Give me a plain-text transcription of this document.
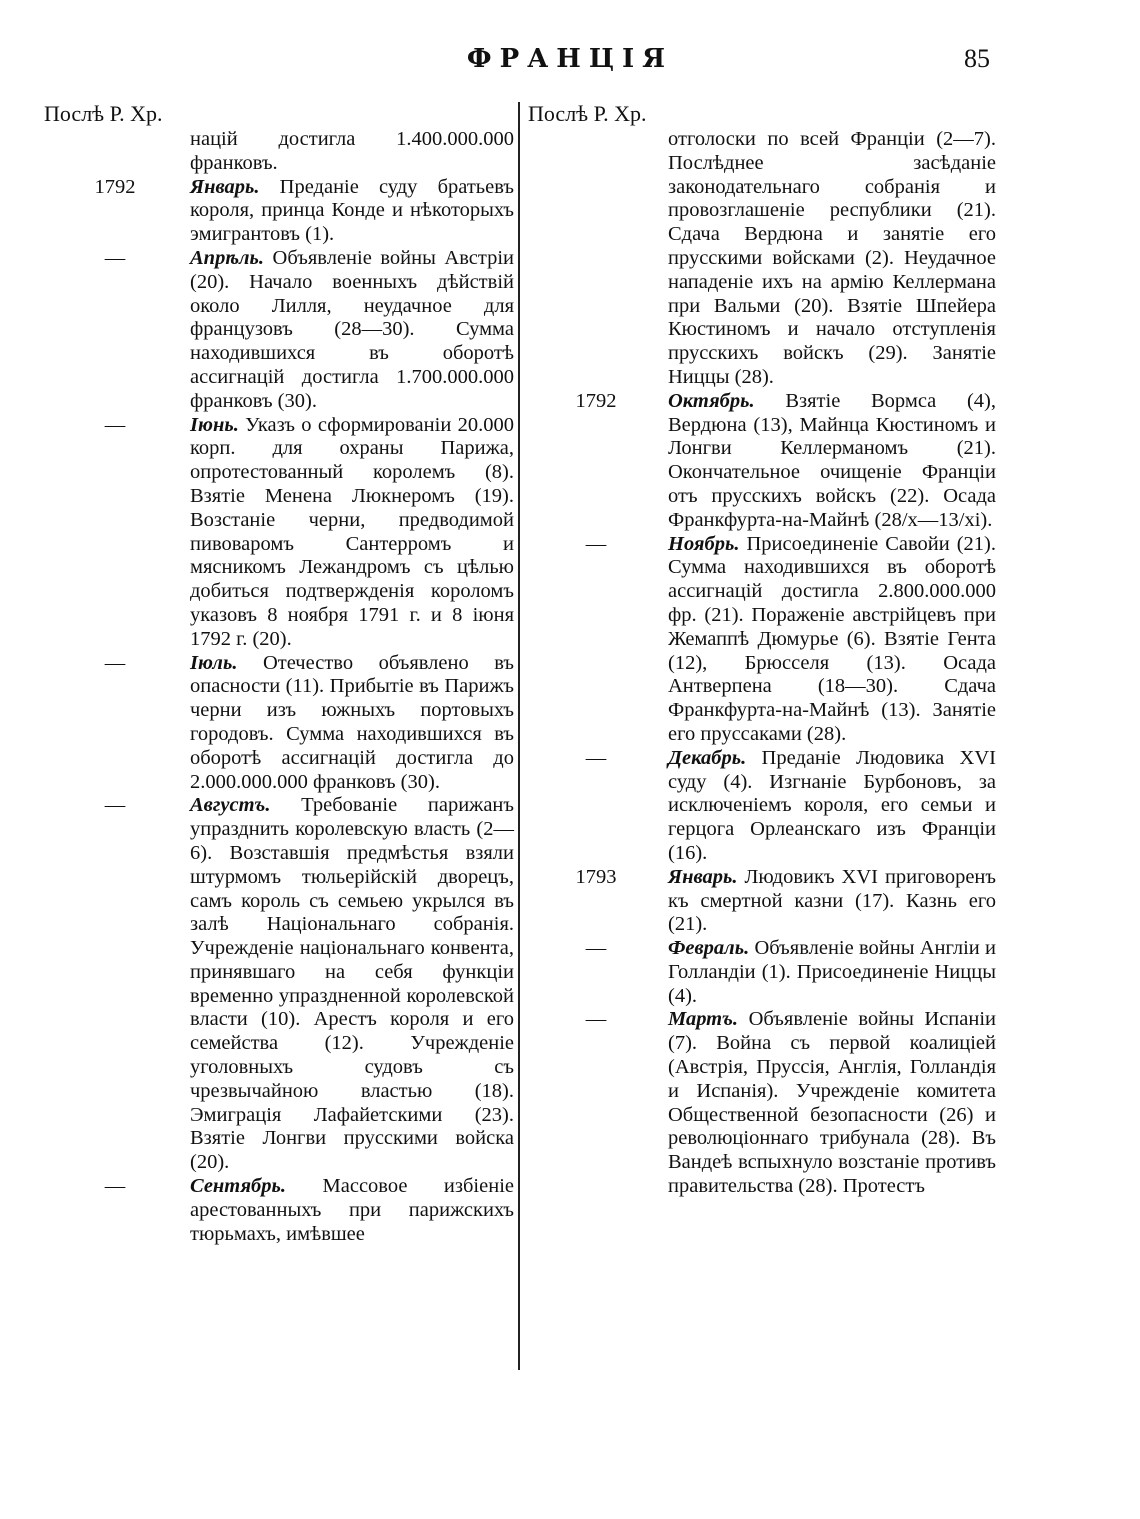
ФРАНЦІЯ	85
Послѣ Р. Хр.
націй достигла 1.400.000.000 франковъ.
1792	Январь. Преданіе суду братьевъ короля, принца Конде и нѣкоторыхъ эмигрантовъ (1).
—	Апрѣль. Объявленіе войны Австріи (20). Начало военныхъ дѣйствій около Лилля, неудачное для французовъ (28—30). Сумма находившихся въ оборотѣ ассигнацій достигла 1.700.000.000 франковъ (30).
—	Іюнь. Указъ о сформированіи 20.000 корп. для охраны Парижа, опротестованный королемъ (8). Взятіе Менена Люкнеромъ (19). Возстаніе черни, предводимой пивоваромъ Сантерромъ и мясникомъ Лежандромъ съ цѣлью добиться подтвержденія короломъ указовъ 8 ноября 1791 г. и 8 іюня 1792 г. (20).
—	Іюль. Отечество объявлено въ опасности (11). Прибытіе въ Парижъ черни изъ южныхъ портовыхъ городовъ. Сумма находившихся въ оборотѣ ассигнацій достигла до 2.000.000.000 франковъ (30).
—	Августъ. Требованіе парижанъ упразднить королевскую власть (2—6). Возставшія предмѣстья взяли штурмомъ тюльерійскій дворецъ, самъ король съ семьею укрылся въ залѣ Національнаго собранія. Учрежденіе національнаго конвента, принявшаго на себя функціи временно упраздненной королевской власти (10). Арестъ короля и его семейства (12). Учрежденіе уголовныхъ судовъ съ чрезвычайною властью (18). Эмиграція Лафайетскими (23). Взятіе Лонгви прусскими войска (20).
—	Сентябрь. Массовое избіеніе арестованныхъ при парижскихъ тюрьмахъ, имѣвшее
Послѣ Р. Хр.
отголоски по всей Франціи (2—7). Послѣднее засѣданіе законодательнаго собранія и провозглашеніе республики (21). Сдача Вердюна и занятіе его прусскими войсками (2). Неудачное нападеніе ихъ на армію Келлермана при Вальми (20). Взятіе Шпейера Кюстиномъ и начало отступленія прусскихъ войскъ (29). Занятіе Ниццы (28).
1792	Октябрь. Взятіе Вормса (4), Вердюна (13), Майнца Кюстиномъ и Лонгви Келлерманомъ (21). Окончательное очищеніе Франціи отъ прусскихъ войскъ (22). Осада Франкфурта-на-Майнѣ (28/х—13/хі).
—	Ноябрь. Присоединеніе Савойи (21). Сумма находившихся въ оборотѣ ассигнацій достигла 2.800.000.000 фр. (21). Пораженіе австрійцевъ при Жемаппѣ Дюмурье (6). Взятіе Гента (12), Брюсселя (13). Осада Антверпена (18—30). Сдача Франкфурта-на-Майнѣ (13). Занятіе его пруссаками (28).
—	Декабрь. Преданіе Людовика XVI суду (4). Изгнаніе Бурбоновъ, за исключеніемъ короля, его семьи и герцога Орлеанскаго изъ Франціи (16).
1793	Январь. Людовикъ XVI приговоренъ къ смертной казни (17). Казнь его (21).
—	Февраль. Объявленіе войны Англіи и Голландіи (1). Присоединеніе Ниццы (4).
—	Мартъ. Объявленіе войны Испаніи (7). Война съ первой коалиціей (Австрія, Пруссія, Англія, Голландія и Испанія). Учрежденіе комитета Общественной безопасности (26) и революціоннаго трибунала (28). Въ Вандеѣ вспыхнуло возстаніе противъ правительства (28). Протестъ
